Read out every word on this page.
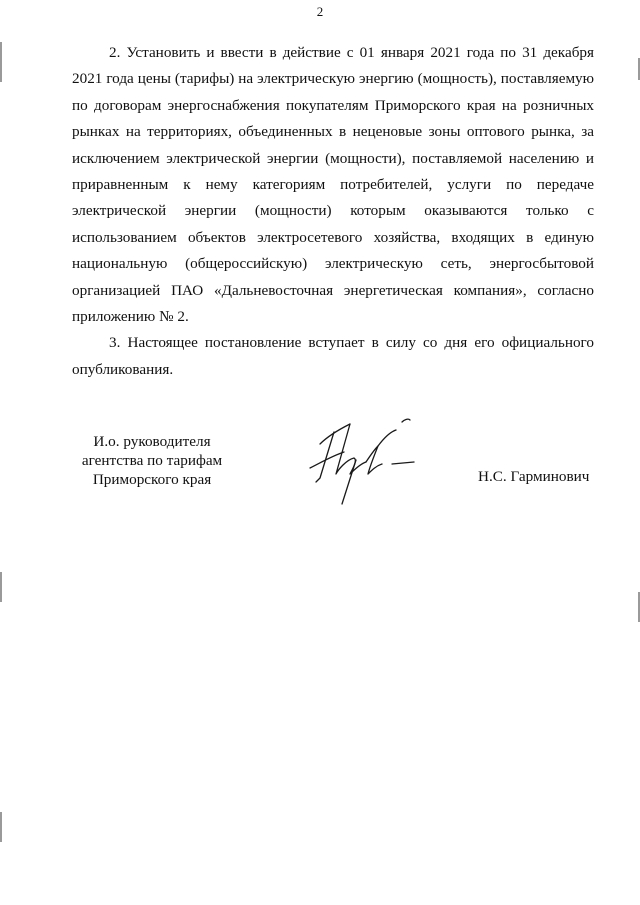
2

2. Установить и ввести в действие с 01 января 2021 года по 31 декабря 2021 года цены (тарифы) на электрическую энергию (мощность), поставляемую по договорам энергоснабжения покупателям Приморского края на розничных рынках на территориях, объединенных в неценовые зоны оптового рынка, за исключением электрической энергии (мощности), поставляемой населению и приравненным к нему категориям потребителей, услуги по передаче электрической энергии (мощности) которым оказываются только с использованием объектов электросетевого хозяйства, входящих в единую национальную (общероссийскую) электрическую сеть, энергосбытовой организацией ПАО «Дальневосточная энергетическая компания», согласно приложению № 2.

3. Настоящее постановление вступает в силу со дня его официального опубликования.

И.о. руководителя
агентства по тарифам
Приморского края	Н.С. Гарминович
